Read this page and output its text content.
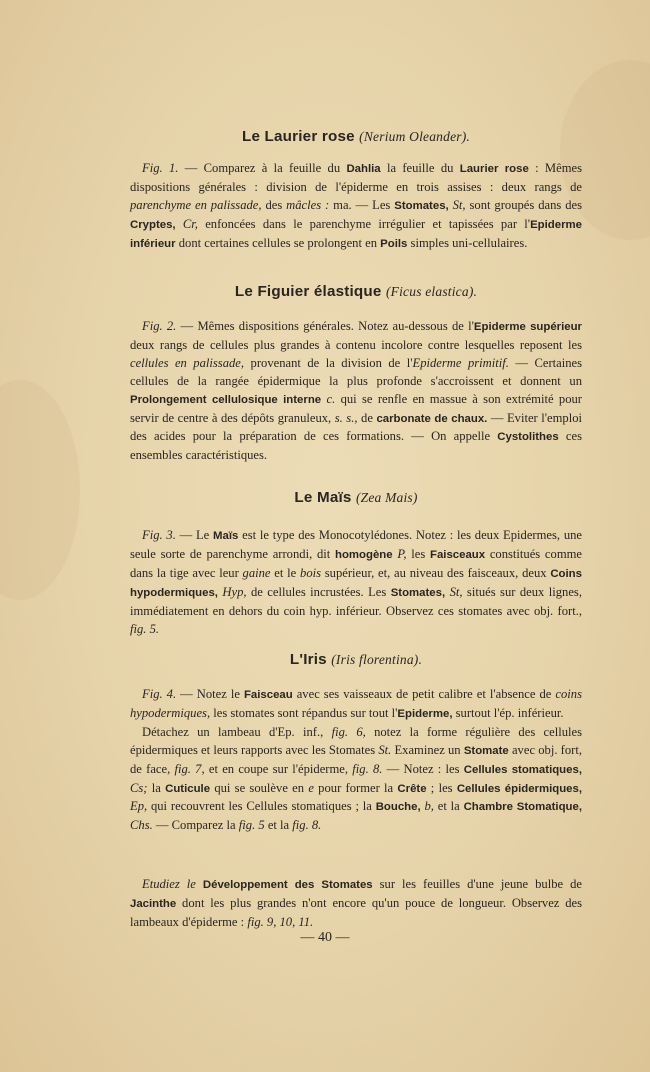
Le Laurier rose (Nerium Oleander).

Fig. 1. — Comparez à la feuille du Dahlia la feuille du Laurier rose : Mêmes dispositions générales : division de l'épiderme en trois assises : deux rangs de parenchyme en palissade, des mâcles : ma. — Les Stomates, St, sont groupés dans des Cryptes, Cr, enfoncées dans le parenchyme irrégulier et tapissées par l'Epiderme inférieur dont certaines cellules se prolongent en Poils simples uni-cellulaires.

Le Figuier élastique (Ficus elastica).

Fig. 2. — Mêmes dispositions générales. Notez au-dessous de l'Epiderme supérieur deux rangs de cellules plus grandes à contenu incolore contre lesquelles reposent les cellules en palissade, provenant de la division de l'Epiderme primitif. — Certaines cellules de la rangée épidermique la plus profonde s'accroissent et donnent un Prolongement cellulosique interne c. qui se renfle en massue à son extrémité pour servir de centre à des dépôts granuleux, s. s., de carbonate de chaux. — Eviter l'emploi des acides pour la préparation de ces formations. — On appelle Cystolithes ces ensembles caractéristiques.

Le Maïs (Zea Mais)

Fig. 3. — Le Maïs est le type des Monocotylédones. Notez : les deux Epidermes, une seule sorte de parenchyme arrondi, dit homogène P, les Faisceaux constitués comme dans la tige avec leur gaine et le bois supérieur, et, au niveau des faisceaux, deux Coins hypodermiques, Hyp, de cellules incrustées. Les Stomates, St, situés sur deux lignes, immédiatement en dehors du coin hyp. inférieur. Observez ces stomates avec obj. fort., fig. 5.

L'Iris (Iris florentina).

Fig. 4. — Notez le Faisceau avec ses vaisseaux de petit calibre et l'absence de coins hypodermiques, les stomates sont répandus sur tout l'Epiderme, surtout l'ép. inférieur.

Détachez un lambeau d'Ep. inf., fig. 6, notez la forme régulière des cellules épidermiques et leurs rapports avec les Stomates St. Examinez un Stomate avec obj. fort, de face, fig. 7, et en coupe sur l'épiderme, fig. 8. — Notez : les Cellules stomatiques, Cs; la Cuticule qui se soulève en e pour former la Crête ; les Cellules épidermiques, Ep, qui recouvrent les Cellules stomatiques ; la Bouche, b, et la Chambre Stomatique, Chs. — Comparez la fig. 5 et la fig. 8.

Etudiez le Développement des Stomates sur les feuilles d'une jeune bulbe de Jacinthe dont les plus grandes n'ont encore qu'un pouce de longueur. Observez des lambeaux d'épiderme : fig. 9, 10, 11.

— 40 —
